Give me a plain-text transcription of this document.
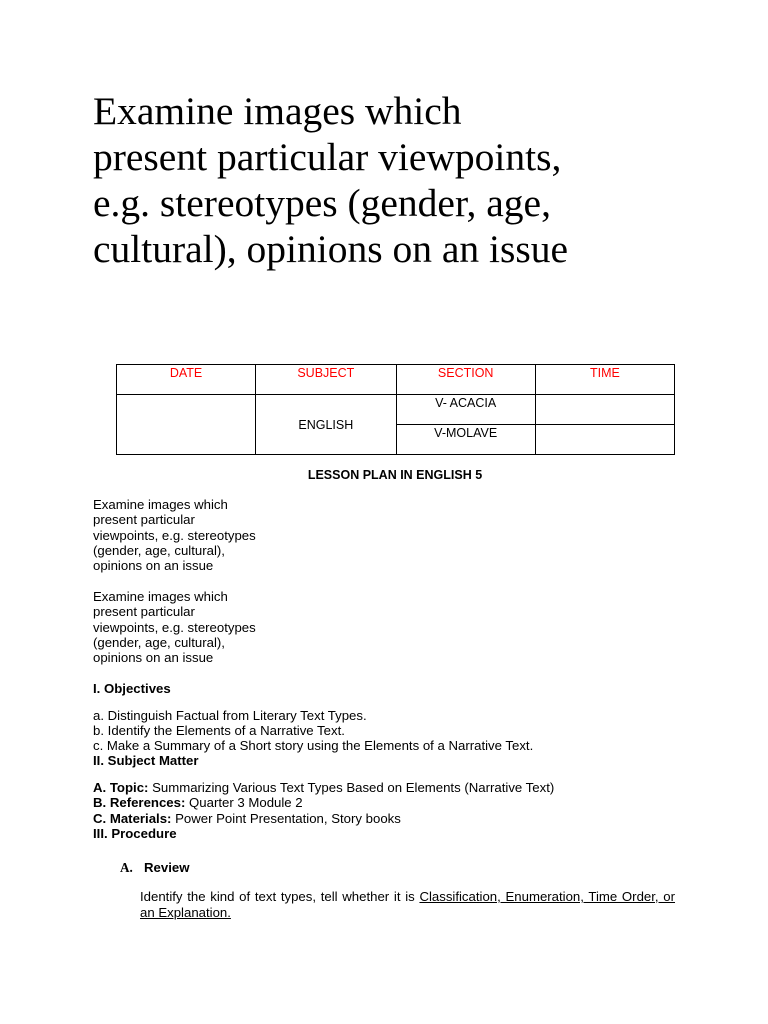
Examine images which present particular viewpoints, e.g. stereotypes (gender, age, cultural), opinions on an issue
DATE	SUBJECT	SECTION	TIME
	ENGLISH	V- ACACIA	
		V-MOLAVE	
LESSON PLAN IN ENGLISH 5
Examine images which present particular viewpoints, e.g. stereotypes (gender, age, cultural), opinions on an issue
Examine images which present particular viewpoints, e.g. stereotypes (gender, age, cultural), opinions on an issue
I. Objectives
a. Distinguish Factual from Literary Text Types.
b. Identify the Elements of a Narrative Text.
c. Make a Summary of a Short story using the Elements of a Narrative Text.
II. Subject Matter
A. Topic: Summarizing Various Text Types Based on Elements (Narrative Text)
B. References: Quarter 3 Module 2
C. Materials: Power Point Presentation, Story books
III. Procedure
A. Review
Identify the kind of text types, tell whether it is Classification, Enumeration, Time Order, or an Explanation.
